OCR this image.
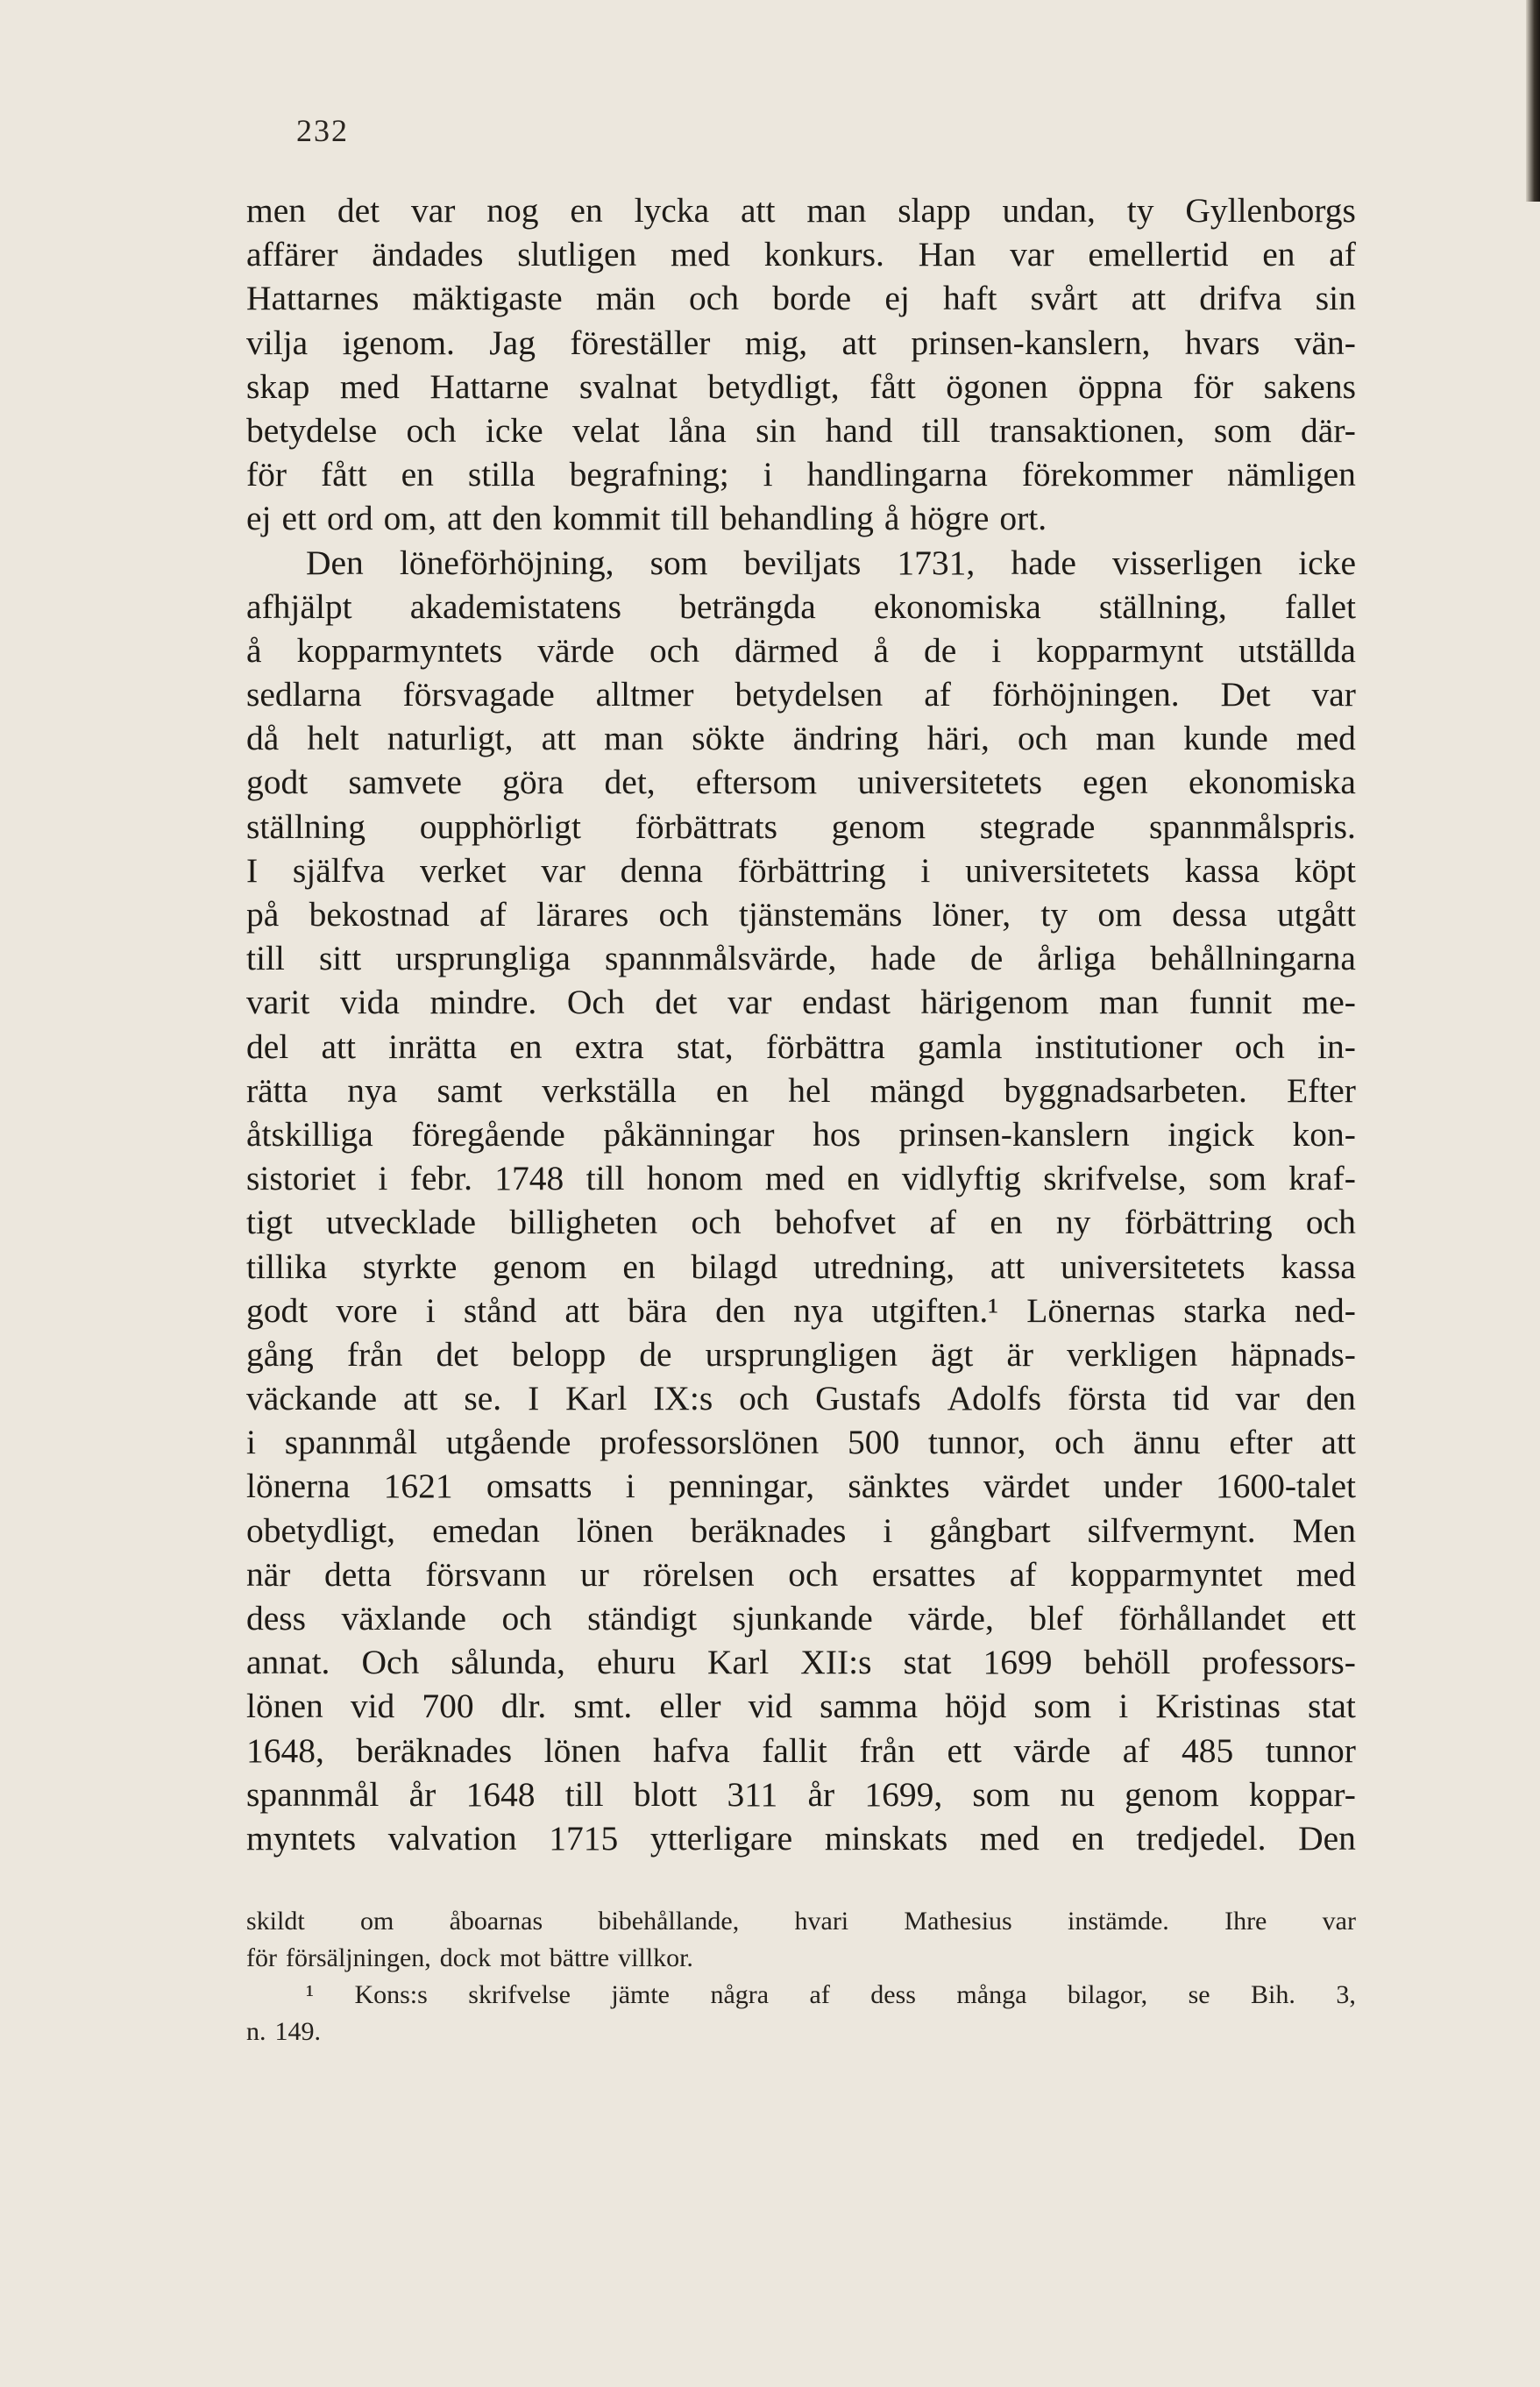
232
men det var nog en lycka att man slapp undan, ty Gyllenborgs
affärer ändades slutligen med konkurs. Han var emellertid en af
Hattarnes mäktigaste män och borde ej haft svårt att drifva sin
vilja igenom. Jag föreställer mig, att prinsen-kanslern, hvars vän-
skap med Hattarne svalnat betydligt, fått ögonen öppna för sakens
betydelse och icke velat låna sin hand till transaktionen, som där-
för fått en stilla begrafning; i handlingarna förekommer nämligen
ej ett ord om, att den kommit till behandling å högre ort.
Den löneförhöjning, som beviljats 1731, hade visserligen icke
afhjälpt akademistatens beträngda ekonomiska ställning, fallet
å kopparmyntets värde och därmed å de i kopparmynt utställda
sedlarna försvagade alltmer betydelsen af förhöjningen. Det var
då helt naturligt, att man sökte ändring häri, och man kunde med
godt samvete göra det, eftersom universitetets egen ekonomiska
ställning oupphörligt förbättrats genom stegrade spannmålspris.
I själfva verket var denna förbättring i universitetets kassa köpt
på bekostnad af lärares och tjänstemäns löner, ty om dessa utgått
till sitt ursprungliga spannmålsvärde, hade de årliga behållningarna
varit vida mindre. Och det var endast härigenom man funnit me-
del att inrätta en extra stat, förbättra gamla institutioner och in-
rätta nya samt verkställa en hel mängd byggnadsarbeten. Efter
åtskilliga föregående påkänningar hos prinsen-kanslern ingick kon-
sistoriet i febr. 1748 till honom med en vidlyftig skrifvelse, som kraf-
tigt utvecklade billigheten och behofvet af en ny förbättring och
tillika styrkte genom en bilagd utredning, att universitetets kassa
godt vore i stånd att bära den nya utgiften.¹ Lönernas starka ned-
gång från det belopp de ursprungligen ägt är verkligen häpnads-
väckande att se. I Karl IX:s och Gustafs Adolfs första tid var den
i spannmål utgående professorslönen 500 tunnor, och ännu efter att
lönerna 1621 omsatts i penningar, sänktes värdet under 1600-talet
obetydligt, emedan lönen beräknades i gångbart silfvermynt. Men
när detta försvann ur rörelsen och ersattes af kopparmyntet med
dess växlande och ständigt sjunkande värde, blef förhållandet ett
annat. Och sålunda, ehuru Karl XII:s stat 1699 behöll professors-
lönen vid 700 dlr. smt. eller vid samma höjd som i Kristinas stat
1648, beräknades lönen hafva fallit från ett värde af 485 tunnor
spannmål år 1648 till blott 311 år 1699, som nu genom koppar-
myntets valvation 1715 ytterligare minskats med en tredjedel. Den
skildt om åboarnas bibehållande, hvari Mathesius instämde. Ihre var
för försäljningen, dock mot bättre villkor.
¹ Kons:s skrifvelse jämte några af dess många bilagor, se Bih. 3,
n. 149.
